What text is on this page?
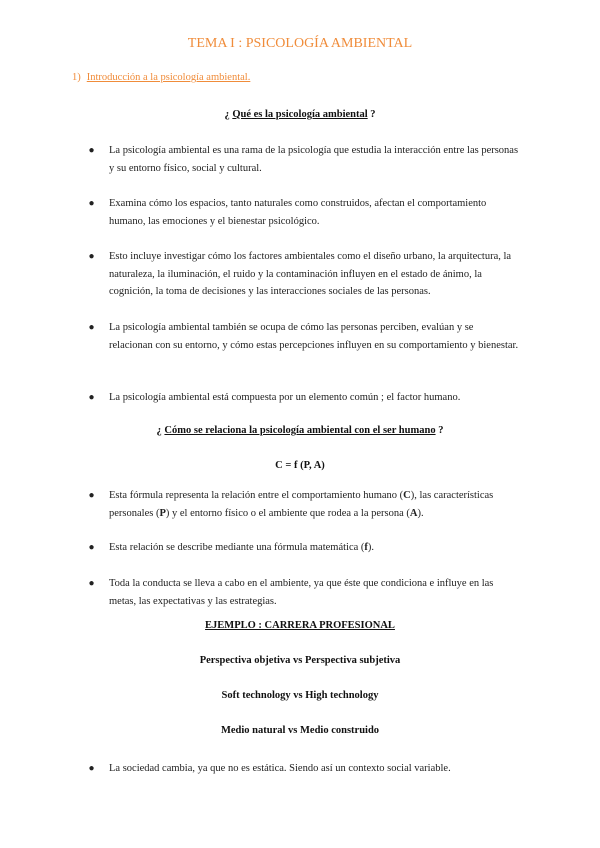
TEMA I : PSICOLOGÍA AMBIENTAL
1) Introducción a la psicología ambiental.
¿ Qué es la psicología ambiental ?
● La psicología ambiental es una rama de la psicología que estudia la interacción entre las personas y su entorno físico, social y cultural.
● Examina cómo los espacios, tanto naturales como construidos, afectan el comportamiento humano, las emociones y el bienestar psicológico.
● Esto incluye investigar cómo los factores ambientales como el diseño urbano, la arquitectura, la naturaleza, la iluminación, el ruido y la contaminación influyen en el estado de ánimo, la cognición, la toma de decisiones y las interacciones sociales de las personas.
● La psicología ambiental también se ocupa de cómo las personas perciben, evalúan y se relacionan con su entorno, y cómo estas percepciones influyen en su comportamiento y bienestar.
● La psicología ambiental está compuesta por un elemento común ; el factor humano.
¿ Cómo se relaciona la psicología ambiental con el ser humano ?
C = f (P, A)
● Esta fórmula representa la relación entre el comportamiento humano (C), las características personales (P) y el entorno físico o el ambiente que rodea a la persona (A).
● Esta relación se describe mediante una fórmula matemática (f).
● Toda la conducta se lleva a cabo en el ambiente, ya que éste que condiciona e influye en las metas, las expectativas y las estrategias.
EJEMPLO : CARRERA PROFESIONAL
Perspectiva objetiva vs Perspectiva subjetiva
Soft technology vs High technology
Medio natural vs Medio construido
● La sociedad cambia, ya que no es estática. Siendo así un contexto social variable.
